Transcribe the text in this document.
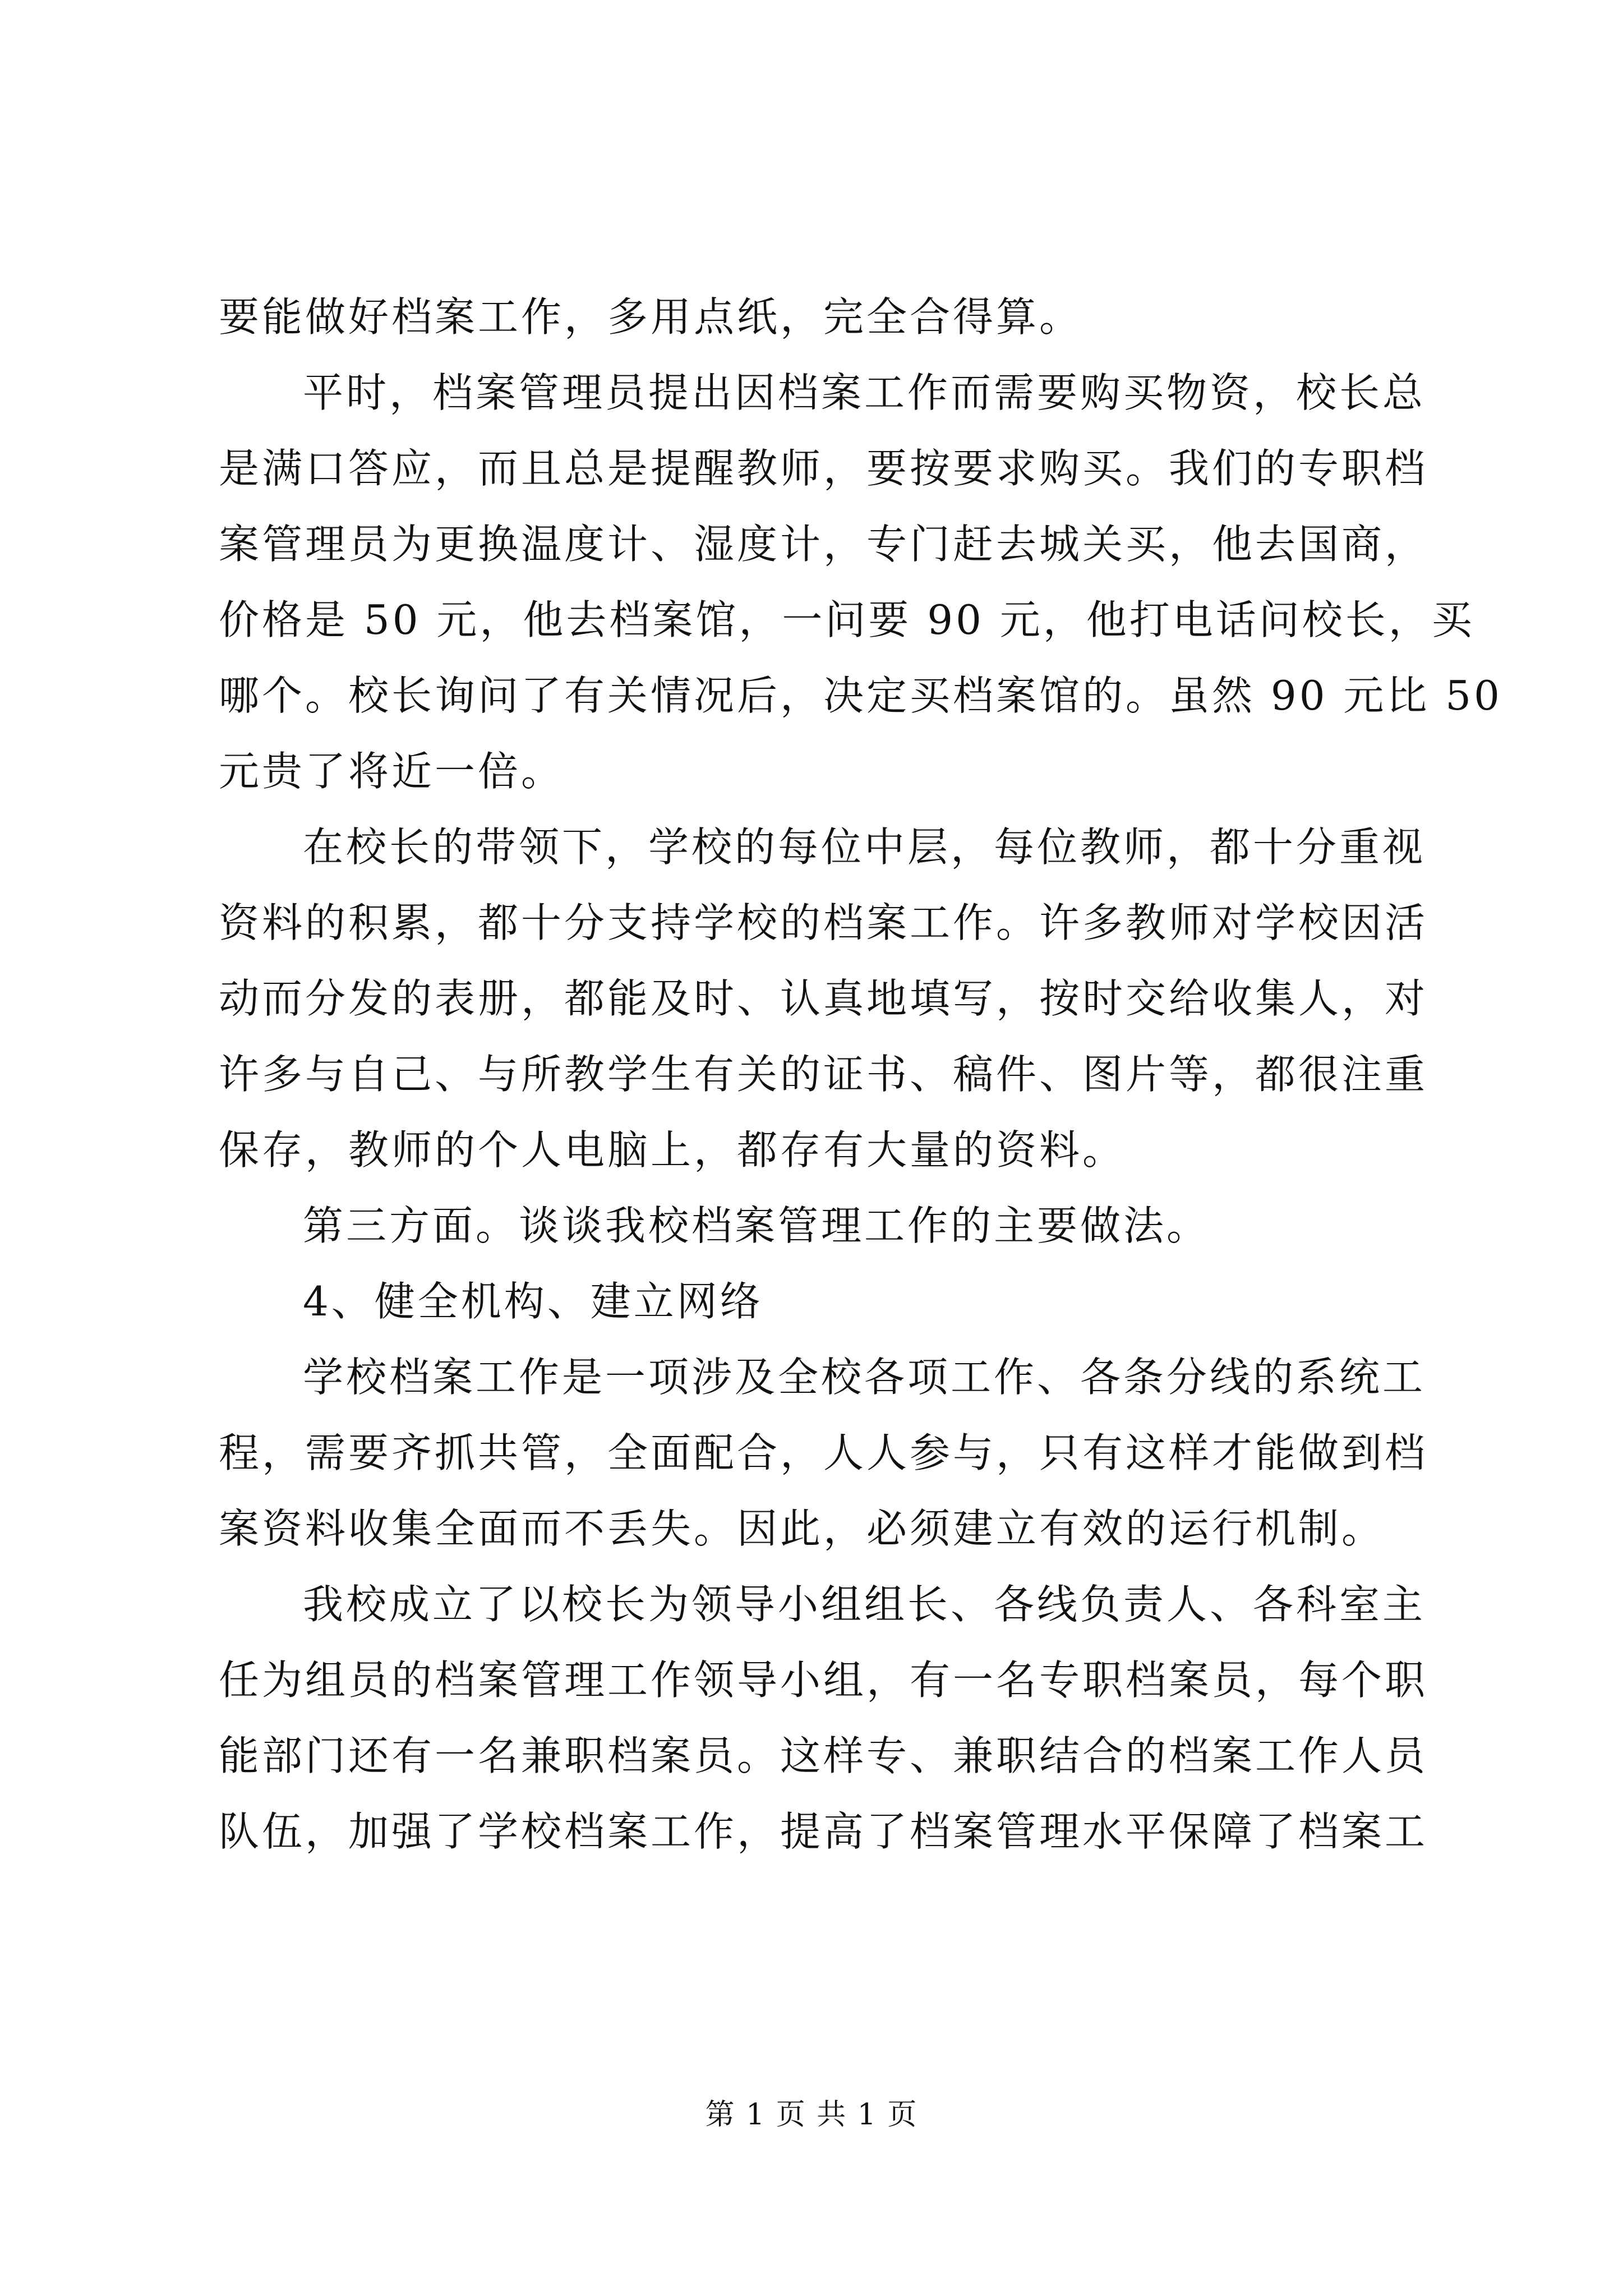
要能做好档案工作，多用点纸，完全合得算。
平时，档案管理员提出因档案工作而需要购买物资，校长总
是满口答应，而且总是提醒教师，要按要求购买。我们的专职档
案管理员为更换温度计、湿度计，专门赶去城关买，他去国商，
价格是 50 元，他去档案馆，一问要 90 元，他打电话问校长，买
哪个。校长询问了有关情况后，决定买档案馆的。虽然 90 元比 50
元贵了将近一倍。
在校长的带领下，学校的每位中层，每位教师，都十分重视
资料的积累，都十分支持学校的档案工作。许多教师对学校因活
动而分发的表册，都能及时、认真地填写，按时交给收集人，对
许多与自己、与所教学生有关的证书、稿件、图片等，都很注重
保存，教师的个人电脑上，都存有大量的资料。
第三方面。谈谈我校档案管理工作的主要做法。
4、健全机构、建立网络
学校档案工作是一项涉及全校各项工作、各条分线的系统工
程，需要齐抓共管，全面配合，人人参与，只有这样才能做到档
案资料收集全面而不丢失。因此，必须建立有效的运行机制。
我校成立了以校长为领导小组组长、各线负责人、各科室主
任为组员的档案管理工作领导小组，有一名专职档案员，每个职
能部门还有一名兼职档案员。这样专、兼职结合的档案工作人员
队伍，加强了学校档案工作，提高了档案管理水平保障了档案工
第 1 页 共 1 页
